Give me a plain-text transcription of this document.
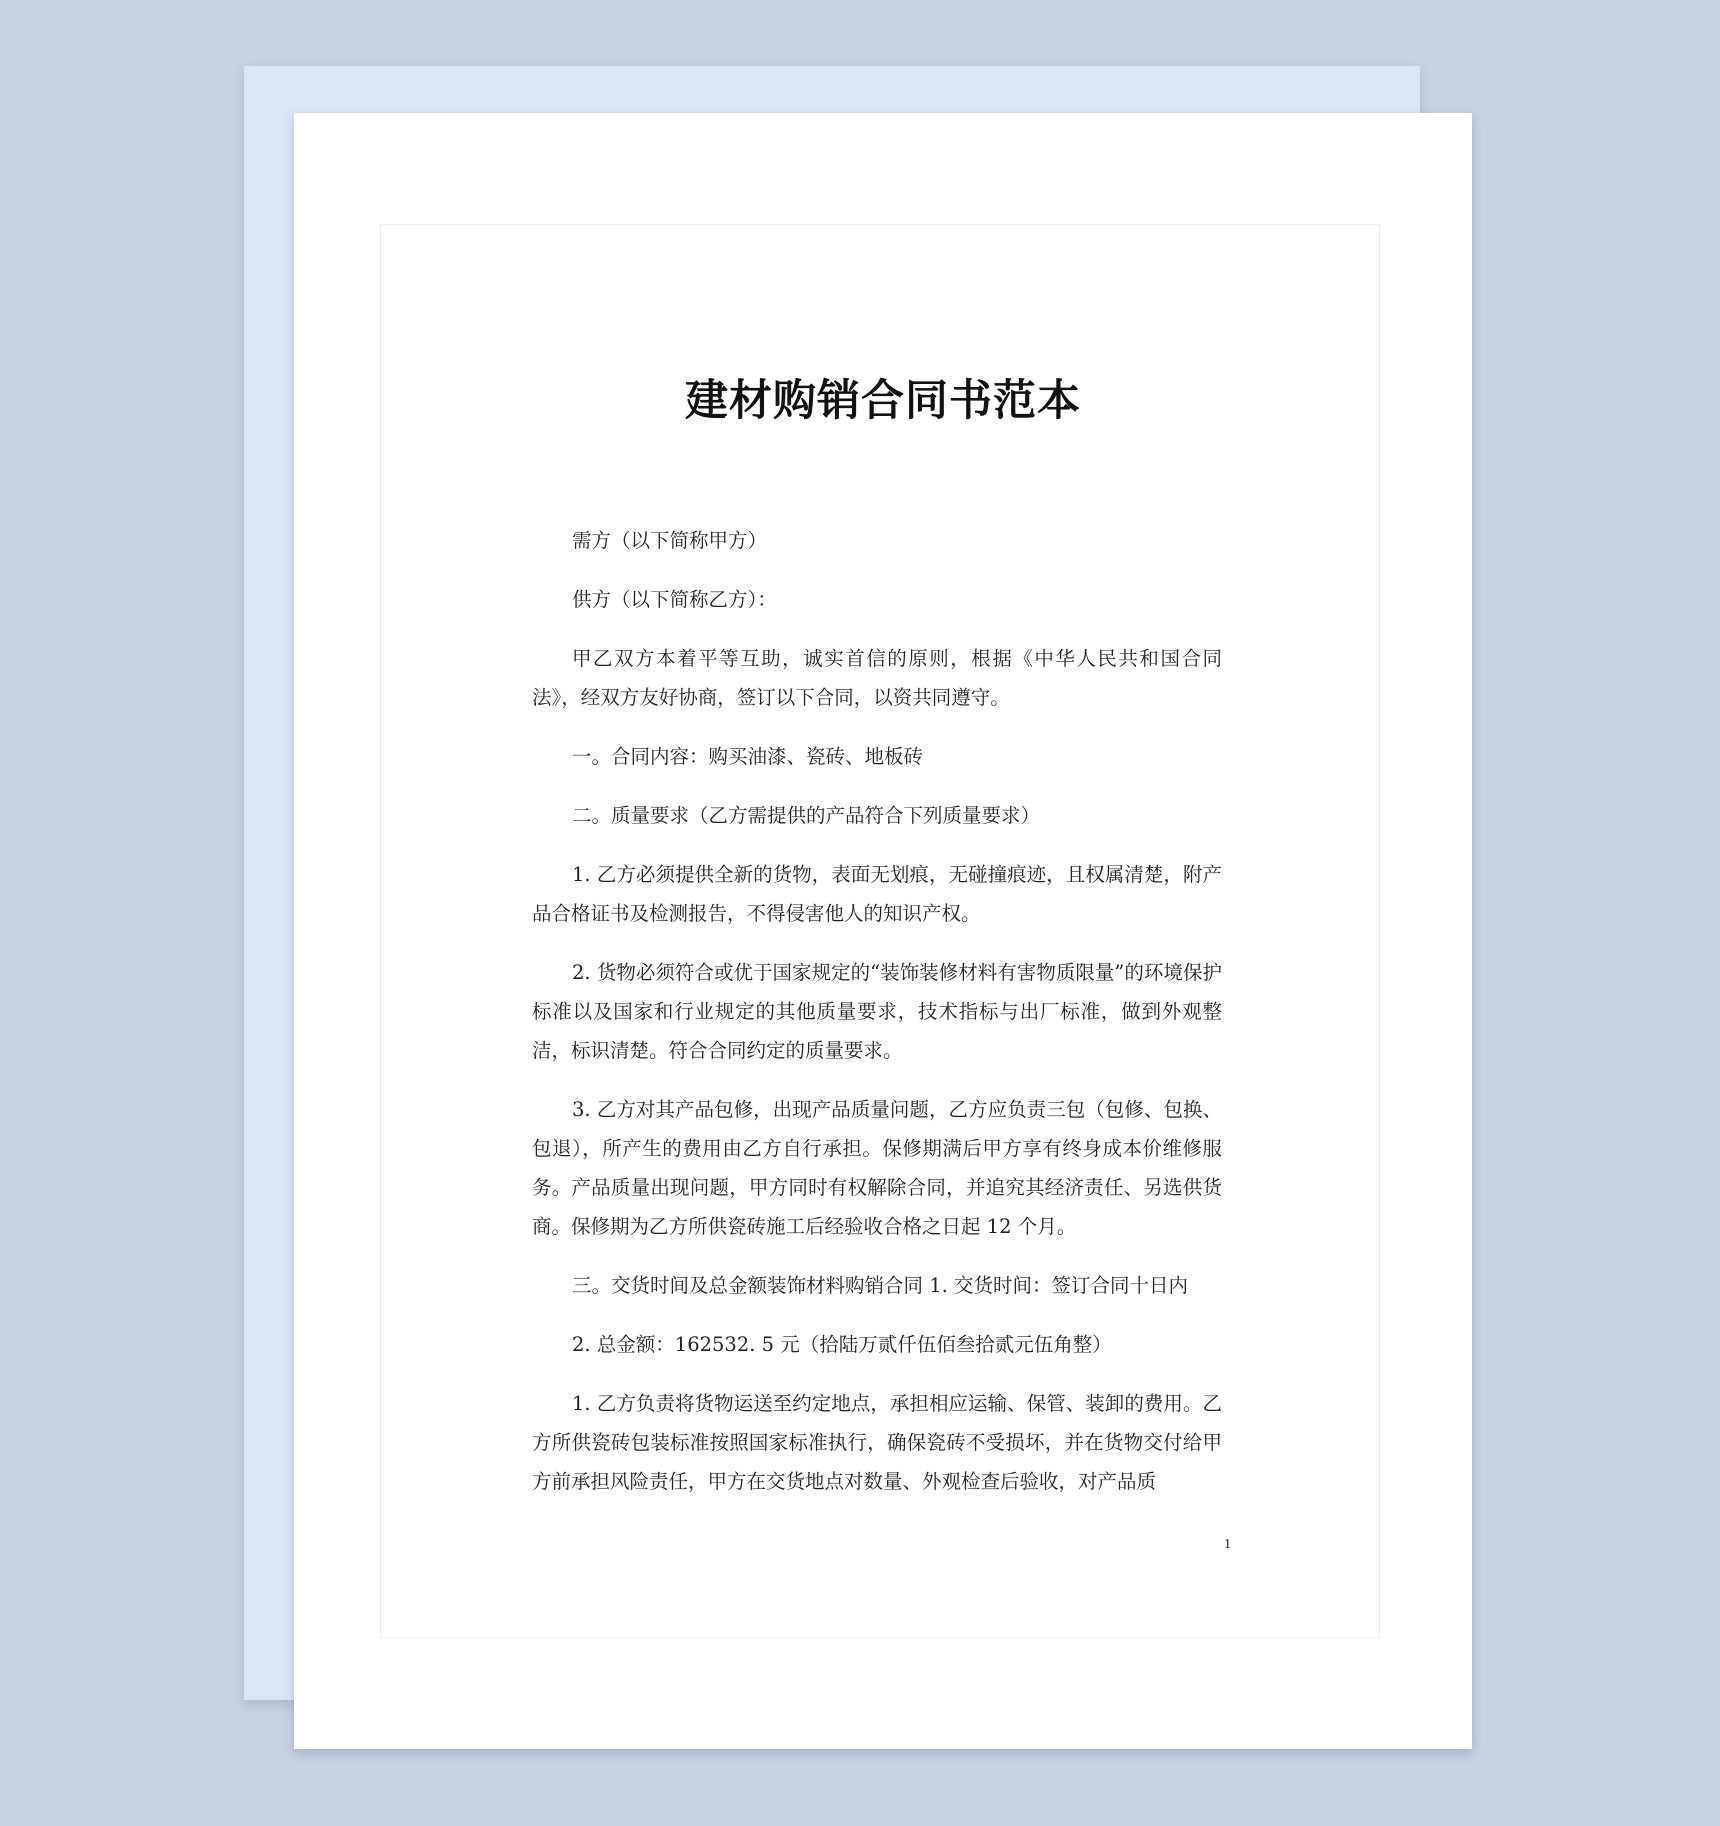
建材购销合同书范本

需方（以下简称甲方）

供方（以下简称乙方）：

甲乙双方本着平等互助，诚实首信的原则，根据《中华人民共和国合同法》，经双方友好协商，签订以下合同，以资共同遵守。

一。合同内容：购买油漆、瓷砖、地板砖

二。质量要求（乙方需提供的产品符合下列质量要求）

1. 乙方必须提供全新的货物，表面无划痕，无碰撞痕迹，且权属清楚，附产品合格证书及检测报告，不得侵害他人的知识产权。

2. 货物必须符合或优于国家规定的“装饰装修材料有害物质限量”的环境保护标准以及国家和行业规定的其他质量要求，技术指标与出厂标准，做到外观整洁，标识清楚。符合合同约定的质量要求。

3. 乙方对其产品包修，出现产品质量问题，乙方应负责三包（包修、包换、包退），所产生的费用由乙方自行承担。保修期满后甲方享有终身成本价维修服务。产品质量出现问题，甲方同时有权解除合同，并追究其经济责任、另选供货商。保修期为乙方所供瓷砖施工后经验收合格之日起 12 个月。

三。交货时间及总金额装饰材料购销合同 1. 交货时间：签订合同十日内

2. 总金额：162532. 5 元（拾陆万贰仟伍佰叁拾贰元伍角整）

1. 乙方负责将货物运送至约定地点，承担相应运输、保管、装卸的费用。乙方所供瓷砖包装标准按照国家标准执行，确保瓷砖不受损坏，并在货物交付给甲方前承担风险责任，甲方在交货地点对数量、外观检查后验收，对产品质

1
